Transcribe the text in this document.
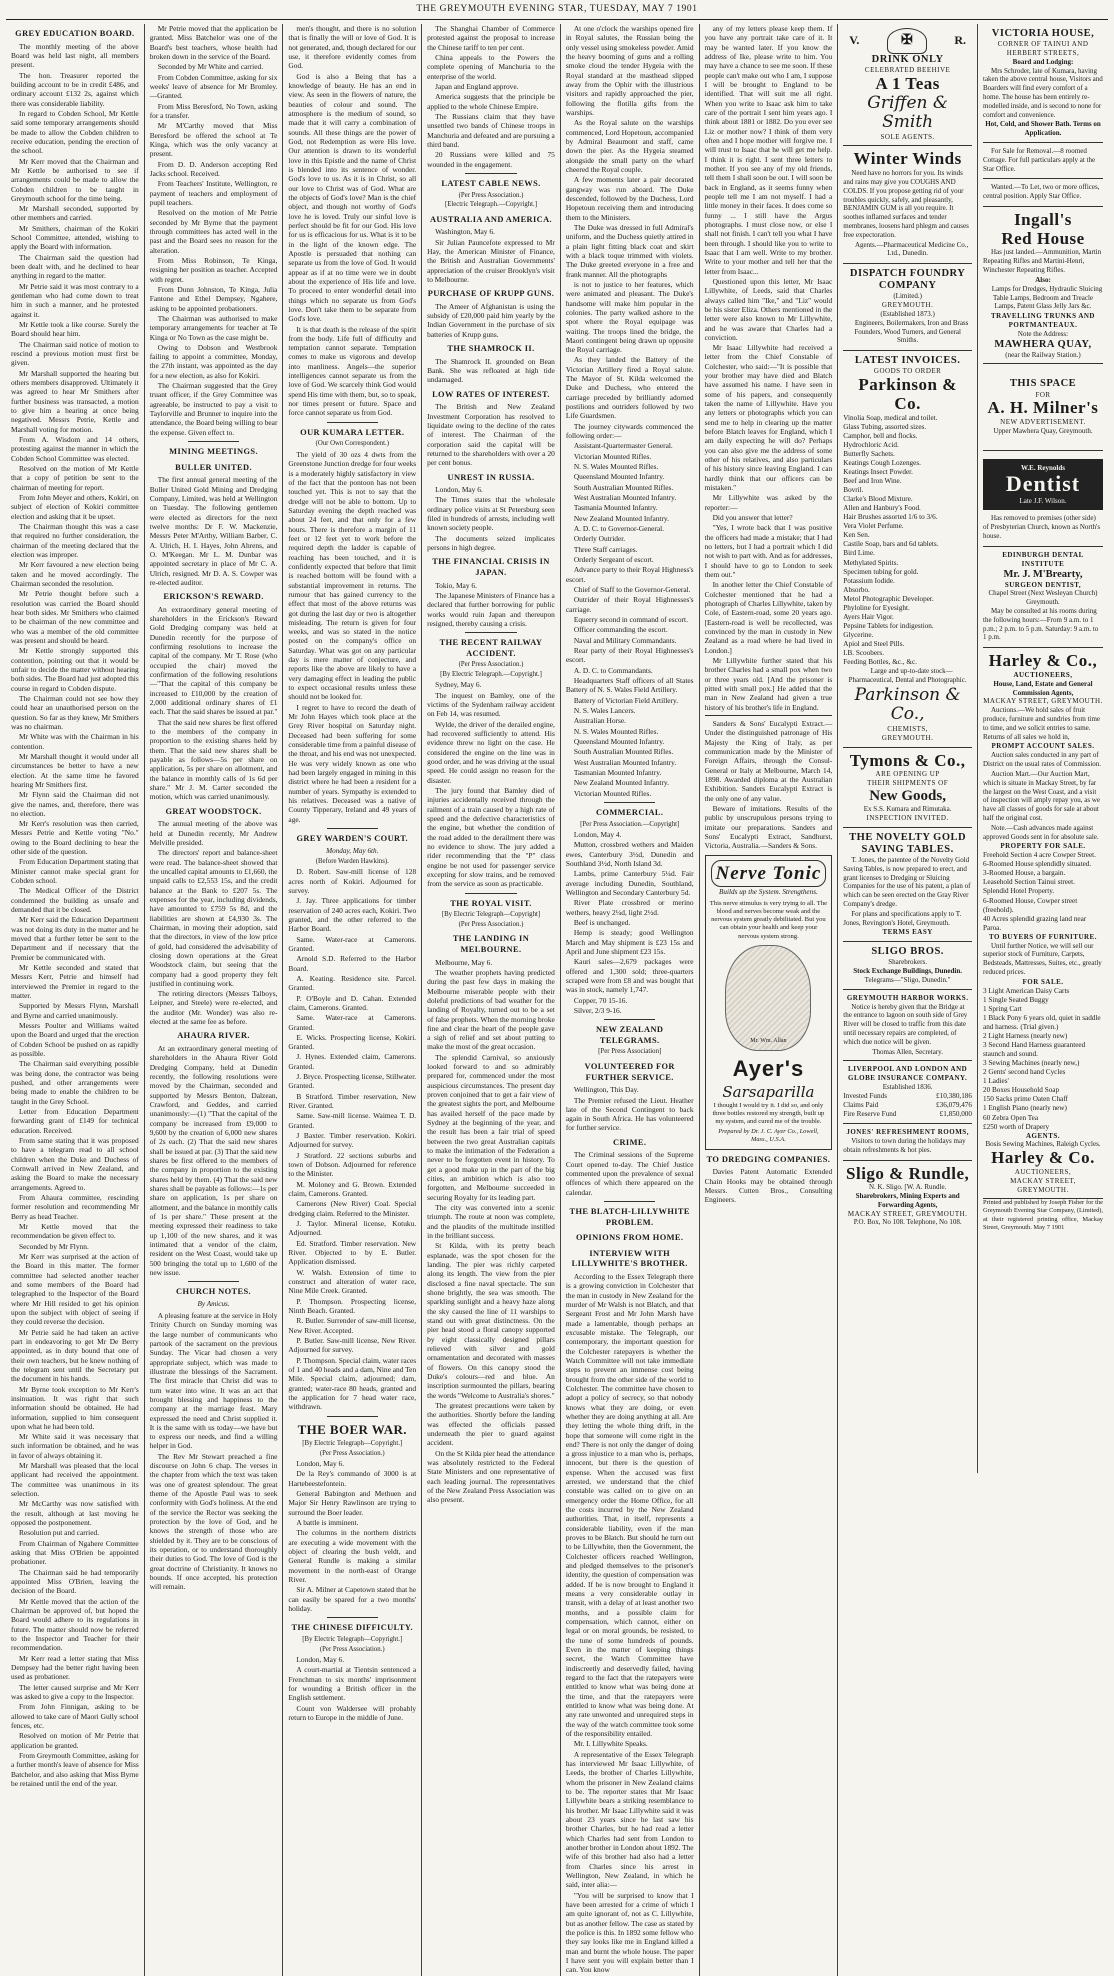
THE GREYMOUTH EVENING STAR, TUESDAY, MAY 7 1901
GREY EDUCATION BOARD.

The monthly meeting of the above Board was held last night, all members present.

The hon. Treasurer reported the building account to be in credit £486, and ordinary account £132 2s, against which there was considerable liability.

In regard to Cobden School, Mr Kettle said some temporary arrangements should be made to allow the Cobden children to receive education, pending the erection of the school.

Mr Kerr moved that the Chairman and Mr Kettle be authorised to see if arrangements could be made to allow the Cobden children to be taught in Greymouth school for the time being.

Mr Marshall seconded, supported by other members and carried.

Mr Smithers, chairman of the Kokiri School Committee, attended, wishing to apply the Board with information.

The Chairman said the question had been dealt with, and he declined to hear anything in regard to the matter.

Mr Petrie said it was most contrary to a gentleman who had come down to treat him in such a manner, and he protested against it.

Mr Kettle took a like course. Surely the Board should hear him.

The Chairman said notice of motion to rescind a previous motion must first be given.

Mr Marshall supported the hearing but others members disapproved. Ultimately it was agreed to hear Mr Smithers after further business was transacted, a motion to give him a hearing at once being negatived. Messrs Petrie, Kettle and Marshall voting for motion.

From A. Wisdom and 14 others, protesting against the manner in which the Cobden School Committee was elected.

Resolved on the motion of Mr Kettle that a copy of petition be sent to the chairman of meeting for report.

From John Meyer and others, Kokiri, on subject of election of Kokiri committee election and asking that it be upset.

The Chairman thought this was a case that required no further consideration, the chairman of the meeting declared that the election was improper.

Mr Kerr favoured a new election being taken and he moved accordingly. The Chairman seconded the resolution.

Mr Petrie thought before such a resolution was carried the Board should hear both sides. Mr Smithers who claimed to be chairman of the new committee and who was a member of the old committee was present and should be heard.

Mr Kettle strongly supported this contention, pointing out that it would be unfair to decide the matter without hearing both sides. The Board had just adopted this course in regard to Cobden dispute.

The Chairman could not see how they could hear an unauthorised person on the question. So far as they knew, Mr Smithers was no chairman.

Mr White was with the Chairman in his contention.

Mr Marshall thought it would under all circumstances be better to have a new election. At the same time he favored hearing Mr Smithers first.

Mr Flynn said the Chairman did not give the names, and, therefore, there was no election.

Mr Kerr's resolution was then carried, Messrs Petrie and Kettle voting "No." owing to the Board declining to hear the other side of the question.

From Education Department stating that Minister cannot make special grant for Cobden school.

The Medical Officer of the District condemned the building as unsafe and demanded that it be closed.

Mr Kerr said the Education Department was not doing its duty in the matter and he moved that a further letter be sent to the Department and if necessary that the Premier be communicated with.

Mr Kettle seconded and stated that Messrs Kerr, Petrie and himself had interviewed the Premier in regard to the matter.

Supported by Messrs Flynn, Marshall and Byrne and carried unanimously.

Messrs Poulter and Williams waited upon the Board and urged that the erection of Cobden School be pushed on as rapidly as possible.

The Chairman said everything possible was being done, the contractor was being pushed, and other arrangements were being made to enable the children to be taught in the Grey School.

Letter from Education Department forwarding grant of £149 for technical education. Received.

From same stating that it was proposed to have a telegram read to all school children when the Duke and Duchess of Cornwall arrived in New Zealand, and asking the Board to make the necessary arrangements. Agreed to.

From Ahaura committee, rescinding former resolution and recommending Mr Berry as head Teacher.

Mr Kettle moved that the recommendation be given effect to.

Seconded by Mr Flynn.

Mr Kerr was surprised at the action of the Board in this matter. The former committee had selected another teacher and some members of the Board had telegraphed to the Inspector of the Board where Mr Hill resided to get his opinion upon the subject with object of seeing if they could reverse the decision.

Mr Petrie said he had taken an active part in endeavoring to get Mr De Berry appointed, as in duty bound that one of their own teachers, but he knew nothing of the telegram sent until the Secretary put the document in his hands.

Mr Byrne took exception to Mr Kerr's insinuation. It was right that such information should be obtained. He had information, supplied to him consequent upon what he had been told.

Mr White said it was necessary that such information be obtained, and he was in favor of always obtaining it.

Mr Marshall was pleased that the local applicant had received the appointment. The committee was unanimous in its selection.

Mr McCarthy was now satisfied with the result, although at last moving he opposed the postponement.

Resolution put and carried.

From Chairman of Ngahere Committee asking that Miss O'Brien be appointed probationer.

The Chairman said he had temporarily appointed Miss O'Brien, leaving the decision of the Board.

Mr Kettle moved that the action of the Chairman be approved of, but hoped the Board would adhere to its regulations in future. The matter should now be referred to the Inspector and Teacher for their recommendation.

Mr Kerr read a letter stating that Miss Dempsey had the better right having been used as probationer.

The letter caused surprise and Mr Kerr was asked to give a copy to the Inspector.

From John Finnigan, asking to be allowed to take care of Maori Gully school fences, etc.

Resolved on motion of Mr Petrie that application be granted.

From Greymouth Committee, asking for a further month's leave of absence for Miss Batchelor, and also asking that Miss Byrne be retained until the end of the year.

Mr Petrie moved that the application be granted. Miss Batchelor was one of the Board's best teachers, whose health had broken down in the service of the Board.

Seconded by Mr White and carried.

From Cobden Committee, asking for six weeks' leave of absence for Mr Bromley.—Granted.

From Miss Beresford, No Town, asking for a transfer.

Mr M'Carthy moved that Miss Beresford be offered the school at Te Kinga, which was the only vacancy at present.

From D. D. Anderson accepting Red Jacks school. Received.

From Teachers' Institute, Wellington, re payment of teachers and employment of pupil teachers.

Resolved on the motion of Mr Petrie seconded by Mr Byrne that the payment through committees has acted well in the past and the Board sees no reason for the alteration.

From Miss Robinson, Te Kinga, resigning her position as teacher. Accepted with regret.

From Dunn Johnston, Te Kinga, Julia Fantone and Ethel Dempsey, Ngahere, asking to be appointed probationers.

The Chairman was authorised to make temporary arrangements for teacher at Te Kinga or No Town as the case might be.

Owing to Dobson and Westbrook failing to appoint a committee, Monday, the 27th instant, was appointed as the day for a new election, as also for Kokiri.

The Chairman suggested that the Grey truant officer, if the Grey Committee was agreeable, be instructed to pay a visit to Taylorville and Brunner to inquire into the attendance, the Board being willing to bear the expense. Given effect to.

MINING MEETINGS.
BULLER UNITED.

The first annual general meeting of the Buller United Gold Mining and Dredging Company, Limited, was held at Wellington on Tuesday. The following gentlemen were elected as directors for the next twelve months: Dr F. W. Mackenzie, Messrs Peter M'Arthy, William Barber, C. A. Ulrich, H. I. Hayes, John Ahrens, and O. M'Keegan. Mr L. M. Dunbar was appointed secretary in place of Mr C. A. Ulrich, resigned. Mr D. A. S. Cowper was re-elected auditor.

ERICKSON'S REWARD.

An extraordinary general meeting of shareholders in the Erickson's Reward Gold Dredging company was held at Dunedin recently for the purpose of confirming resolutions to increase the capital of the company. Mr T. Rose (who occupied the chair) moved the confirmation of the following resolutions—"That the capital of this company be increased to £10,000 by the creation of 2,000 additional ordinary shares of £1 each. That the said shares be issued at par."

That the said new shares be first offered to the members of the company in proportion to the existing shares held by them. That the said new shares shall be payable as follows—5s per share on application, 5s per share on allotment, and the balance in monthly calls of 1s 6d per share." Mr J. M. Carter seconded the motion, which was carried unanimously.

GREAT WOODSTOCK.

The annual meeting of the above was held at Dunedin recently, Mr Andrew Melville presided.

The directors' report and balance-sheet were read. The balance-sheet showed that the uncalled capital amounts to £1,660, the unpaid calls to £2,553 15s, and the credit balance at the Bank to £207 5s. The expenses for the year, including dividends, have amounted to £759 5s 8d, and the liabilities are shown at £4,930 3s. The Chairman, in moving their adoption, said that the directors, in view of the low price of gold, had considered the advisability of closing down operations at the Great Woodstock claim, but seeing that the company had a good property they felt justified in continuing work.

The retiring directors (Messrs Talboys, Leipner, and Steele) were re-elected, and the auditor (Mr. Wonder) was also re-elected at the same fee as before.

AHAURA RIVER.

At an extraordinary general meeting of shareholders in the Ahaura River Gold Dredging Company, held at Dunedin recently, the following resolutions were moved by the Chairman, seconded and supported by Messrs Benton, Dalzean, Crawford, and Geddes, and carried unanimously:—(1) "That the capital of the company be increased from £9,000 to 9,600 by the creation of 6,000 new shares of 2s each. (2) That the said new shares shall be issued at par. (3) That the said new shares be first offered to the members of the company in proportion to the existing shares held by them. (4) That the said new shares shall be payable as follows:—1s per share on application, 1s per share on allotment, and the balance in monthly calls of 1s per share." These present at the meeting expressed their readiness to take up 1,100 of the new shares, and it was intimated that a vendor of the claim, resident on the West Coast, would take up 500 bringing the total up to 1,600 of the new issue.

CHURCH NOTES.
By Amicus.

A pleasing feature at the service in Holy Trinity Church on Sunday morning was the large number of communicants who partook of the sacrament on the previous Sunday. The Vicar had chosen a very appropriate subject, which was made to illustrate the blessings of the Sacrament. The first miracle that Christ did was to turn water into wine. It was an act that brought blessing and happiness to the company at the marriage feast. Mary expressed the need and Christ supplied it. It is the same with us today—we have but to express our needs, and find a willing helper in God.

The Rev Mr Stewart preached a fine discourse on John 6 chap. The verses in the chapter from which the text was taken was one of greatest splendour. The great theme of the Apostle Paul was to seek conformity with God's holiness. At the end of the service the Rector was seeking the protection by the love of God, and he knows the strength of those who are shielded by it. They are to be conscious of its operation, or to understand thoroughly their duties to God. The love of God is the great doctrine of Christianity. It knows no bounds. If once accepted, his protection will remain.

men's thought, and there is no solution that is finally the will or love of God. It is not generated, and, though declared for our use, it therefore evidently comes from God.

God is also a Being that has a knowledge of beauty. He has an end in view. As seen in the flowers of nature, the beauties of colour and sound. The atmosphere is the medium of sound, so made that it will carry a combination of sounds. All these things are the power of God, not Redemption as were His love. Our attention is drawn to its wonderful love in this Epistle and the name of Christ is blended into its sentence of wonder. God's love to us. As it is in Christ, so all our love to Christ was of God. What are the objects of God's love? Man is the chief object, and though not worthy of God's love he is loved. Truly our sinful love is perfect should be fit for our God. His love for us is efficacious for us. What is it to be in the light of the known edge. The Apostle is persuaded that nothing can separate us from the love of God. It would appear as if at no time were we in doubt about the experience of His life and love. To proceed to enter wonderful detail into things which no separate us from God's love. Don't take them to be separate from God's love.

It is that death is the release of the spirit from the body. Life full of difficulty and temptation cannot separate. Temptation comes to make us vigorous and develop into manliness. Angels—the superior intelligences cannot separate us from the love of God. We scarcely think God would spend His time with them, but, so to speak, nor times present or future. Space and force cannot separate us from God.

OUR KUMARA LETTER.
(Our Own Correspondent.)

The yield of 30 ozs 4 dwts from the Greenstone Junction dredge for four weeks is a moderately highly satisfactory in view of the fact that the pontoon has not been touched yet. This is not to say that the dredge will not be able to bottom. Up to Saturday evening the depth reached was about 24 feet, and that only for a few hours. There is therefore a margin of 11 feet or 12 feet yet to work before the required depth the ladder is capable of reaching has been touched, and it is confidently expected that before that limit is reached bottom will be found with a substantial improvement in returns. The rumour that has gained currency to the effect that most of the above returns was got during the last day or two is altogether misleading. The return is given for four weeks, and was so stated in the notice posted on the company's office on Saturday. What was got on any particular day is mere matter of conjecture, and reports like the above are likely to have a very damaging effect in leading the public to expect occasional results unless these should not be looked for.

I regret to have to record the death of Mr John Hayes which took place at the Grey River hospital on Saturday night. Deceased had been suffering for some considerable time from a painful disease of the throat, and his end was not unexpected. He was very widely known as one who had been largely engaged in mining in this district where he had been a resident for a number of years. Sympathy is extended to his relatives. Deceased was a native of County Tipperary, Ireland and 49 years of age.

GREY WARDEN'S COURT.
Monday, May 6th.
(Before Warden Hawkins).

D. Robert. Saw-mill license of 128 acres north of Kokiri. Adjourned for survey.

J. Jay. Three applications for timber reservation of 240 acres each, Kokiri. Two granted, and the other referred to the Harbor Board.

Same. Water-race at Camerons. Granted.

Arnold S.D. Referred to the Harbor Board.

A. Keating. Residence site. Parcel. Granted.

P. O'Boyle and D. Cahan. Extended claim, Camerons. Granted.

Same. Water-race at Camerons. Granted.

E. Wicks. Prospecting license, Kokiri. Granted.

J. Hynes. Extended claim, Camerons. Granted.

J. Bryce. Prospecting license, Stillwater. Granted.

B Stratford. Timber reservation, New River. Granted.

Same. Saw-mill license. Waimea T. D. Granted.

J Baxter. Timber reservation. Kokiri. Adjourned for survey.

J Stratford. 22 sections suburbs and town of Dobson. Adjourned for reference to the Minister.

M. Moloney and G. Brown. Extended claim, Camerons. Granted.

Camerons (New River) Coal. Special dredging claim. Referred to the Minister.

J. Taylor. Mineral license, Kotuku. Adjourned.

Ed. Stratford. Timber reservation. New River. Objected to by E. Butler. Application dismissed.

W. Walsh. Extension of time to construct and alteration of water race, Nine Mile Creek. Granted.

P. Thompson. Prospecting license, Ninth Beach. Granted.

R. Butler. Surrender of saw-mill license, New River. Accepted.

P. Butler. Saw-mill license, New River. Adjourned for survey.

P. Thompson. Special claim, water races of 1 and 40 heads and a dam, Nine and Ten Mile. Special claim, adjourned; dam, granted; water-race 80 heads, granted and the application for 7 head water race, withdrawn.

THE BOER WAR.
[By Electric Telegraph—Copyright.]
(Per Press Association.)

London, May 6.

De la Rey's commando of 3000 is at Hartebeestefontein.

General Babington and Methuen and Major Sir Henry Rawlinson are trying to surround the Boer leader.

A battle is imminent.

The columns in the northern districts are executing a wide movement with the object of clearing the bush veldt, and General Rundle is making a similar movement in the north-east of Orange River.

Sir A. Milner at Capetown stated that he can easily be spared for a two months' holiday.

THE CHINESE DIFFICULTY.
[By Electric Telegraph—Copyright.]
(Per Press Association.)

London, May 6.

A court-martial at Tientsin sentenced a Frenchman to six months' imprisonment for wounding a British officer in the English settlement.

Count von Waldersee will probably return to Europe in the middle of June.

The Shanghai Chamber of Commerce protested against the proposal to increase the Chinese tariff to ten per cent.

China appeals to the Powers the complete opening of Manchuria to the enterprise of the world.

Japan and England approve.

America suggests that the principle be applied to the whole Chinese Empire.

The Russians claim that they have unsettled two bands of Chinese troops in Manchuria and defeated and are pursuing a third band.

20 Russians were killed and 75 wounded in the engagement.

LATEST CABLE NEWS.
(Per Press Association.)
[Electric Telegraph.—Copyright.]
AUSTRALIA AND AMERICA.

Washington, May 6.

Sir Julian Pauncefote expressed to Mr Hay, the American Minister of Finance, the British and Australian Governments' appreciation of the cruiser Brooklyn's visit to Melbourne.

PURCHASE OF KRUPP GUNS.

The Ameer of Afghanistan is using the subsidy of £20,000 paid him yearly by the Indian Government in the purchase of six batteries of Krupp guns.

THE SHAMROCK II.

The Shamrock II. grounded on Bean Bank. She was refloated at high tide undamaged.

LOW RATES OF INTEREST.

The British and New Zealand Investment Corporation has resolved to liquidate owing to the decline of the rates of interest. The Chairman of the corporation said the capital will be returned to the shareholders with over a 20 per cent bonus.

UNREST IN RUSSIA.

London, May 6.

The Times states that the wholesale ordinary police visits at St Petersburg seen filed in hundreds of arrests, including well known society people.

The documents seized implicates persons in high degree.

THE FINANCIAL CRISIS IN JAPAN.

Tokio, May 6.

The Japanese Ministers of Finance has a declared that further borrowing for public works would ruin Japan and thereupon resigned, thereby causing a crisis.

THE RECENT RAILWAY ACCIDENT.
(Per Press Association.)
[By Electric Telegraph.—Copyright.]

Sydney, May 6.

The inquest on Bamley, one of the victims of the Sydenham railway accident on Feb 14, was resumed.

Wylde, the driver of the derailed engine, had recovered sufficiently to attend. His evidence threw no light on the case. He considered the engine on the line was in good order, and he was driving at the usual speed. He could assign no reason for the disaster.

The jury found that Bamley died of injuries accidentally received through the railment of a train caused by a high rate of speed and the defective characteristics of the engine, but whether the condition of the road added to the derailment there was no evidence to show. The jury added a rider recommending that the "P" class engine be not used for passenger service excepting for slow trains, and be removed from the service as soon as practicable.

THE ROYAL VISIT.
[By Electric Telegraph—Copyright]
(Per Press Association.)
THE LANDING IN MELBOURNE.

Melbourne, May 6.

The weather prophets having predicted during the past few days in making the Melbourne miserable people with their doleful predictions of bad weather for the landing of Royalty, turned out to be a set of false prophets. When the morning broke fine and clear the heart of the people gave a sigh of relief and set about putting to make the most of the great occasion.

The splendid Carnival, so anxiously looked forward to and so admirably prepared for, commenced under the most auspicious circumstances. The present day proven conjoined that to get a fair view of the greatest sights the port, and Melbourne has availed herself of the pace made by Sydney at the beginning of the year, and the result has been a fair trial of speed between the two great Australian capitals to make the intimation of the Federation a never to be forgotten event in history. To get a good make up in the part of the big cities, an ambition which is also too forgotten, and Melbourne succeeded in securing Royalty for its leading part.

The city was converted into a scenic triumph. The route at noon was complete, and the plaudits of the multitude instilled in the brilliant success.

St Kilda, with its pretty beach esplanade, was the spot chosen for the landing. The pier was richly carpeted along its length. The view from the pier disclosed a fine naval spectacle. The sun shone brightly, the sea was smooth. The sparkling sunlight and a heavy haze along the sky caused the line of 11 warships to stand out with great distinctness. On the pier head stood a floral canopy supported by eight classically designed pillars relieved with silver and gold ornamentation and decorated with masses of flowers. On this canopy stood the Duke's colours—red and blue. An inscription surmounted the pillars, bearing the words "Welcome to Australia's shores."

The greatest precautions were taken by the authorities. Shortly before the landing was effected the officials passed underneath the pier to guard against accident.

On the St Kilda pier head the attendance was absolutely restricted to the Federal State Ministers and one representative of each leading journal. The representatives of the New Zealand Press Association was also present.

At one o'clock the warships opened fire in Royal salutes, the Russian being the only vessel using smokeless powder. Amid the heavy booming of guns and a rolling smoke cloud the tender Hygeia with the Royal standard at the masthead slipped away from the Ophir with the illustrious visitors and rapidly approached the pier, following the flotilla gifts from the warships.

As the Royal salute on the warships commenced, Lord Hopetoun, accompanied by Admiral Beaumont and staff, came down the pier. As the Hygeia steamed alongside the small party on the wharf cheered the Royal couple.

A few moments later a pair decorated gangway was run aboard. The Duke descended, followed by the Duchess, Lord Hopetoun receiving them and introducing them to the Ministers.

The Duke was dressed in full Admiral's uniform, and the Duchess quietly attired in a plain light fitting black coat and skirt with a black toque trimmed with violets. The Duke greeted everyone in a free and frank manner. All the photographs

is not to justice to her features, which were animated and pleasant. The Duke's handsome will make him popular in the colonies. The party walked ashore to the spot where the Royal equipage was waiting. The troops lined the bridge, the Maori contingent being drawn up opposite the Royal carriage.

As they landed the Battery of the Victorian Artillery fired a Royal salute. The Mayor of St. Kilda welcomed the Duke and Duchess, who entered the carriage preceded by brilliantly adorned postilions and outriders followed by two Life Guardsmen.

The journey citywards commenced the following order:—

Assistant-Quartermaster General.

Victorian Mounted Rifles.

N. S. Wales Mounted Rifles.

Queensland Mounted Infantry.

South Australian Mounted Rifles.

West Australian Mounted Infantry.

Tasmania Mounted Infantry.

New Zealand Mounted Infantry.

A. D. C. to Governor-General.

Orderly Outrider.

Three Staff carriages.

Orderly Sergeant of escort.

Advance party to their Royal Highness's escort.

Chief of Staff to the Governor-General.

Outrider of their Royal Highnesses's carriage.

Equerry second in command of escort.

Officer commanding the escort.

Naval and Military Commandants.

Rear party of their Royal Highnesses's escort.

A. D. C. to Commandants.

Headquarters Staff officers of all States Battery of N. S. Wales Field Artillery.

Battery of Victorian Field Artillery.

N. S. Wales Lancers.

Australian Horse.

N. S. Wales Mounted Rifles.

Queensland Mounted Infantry.

South Australian Mounted Rifles.

West Australian Mounted Infantry.

Tasmanian Mounted Infantry.

New Zealand Mounted Infantry.

Victorian Mounted Rifles.

COMMERCIAL.
[Per Press Association.—Copyright]

London, May 4.

Mutton, crossbred wethers and Maiden ewes, Canterbury 3½d, Dunedin and Southland 3½d, North Island 3d.

Lambs, prime Canterbury 5¼d. Fair average including Dunedin, Southland, Wellington and Secondary Canterbury 5d.

River Plate crossbred or merino wethers, heavy 2¼d, light 2½d.

Beef is unchanged.

Hemp is steady; good Wellington March and May shipment is £23 15s and April and June shipment £23 15s.

Kauri sales—2,679 packages were offered and 1,300 sold; three-quarters scraped were from £8 and was bought that was in stock, namely 1,747.

Copper, 70 15-16.

Silver, 2/3 9-16.

NEW ZEALAND TELEGRAMS.
[Per Press Association]
VOLUNTEERED FOR FURTHER SERVICE.

Wellington, This Day.

The Premier refused the Lieut. Heather late of the Second Contingent to back again in South Africa. He has volunteered for further service.

CRIME.

The Criminal sessions of the Supreme Court opened to-day. The Chief Justice commented upon the prevalence of sexual offences of which there appeared on the calendar.

THE BLATCH-LILLYWHITE PROBLEM.
OPINIONS FROM HOME.
INTERVIEW WITH LILLYWHITE'S BROTHER.

According to the Essex Telegraph there is a growing conviction in Colchester that the man in custody in New Zealand for the murder of Mr Walsh is not Blatch, and that Sergeant Frost and Mr John Marsh have made a lamentable, though perhaps an excusable mistake. The Telegraph, our contemporary, the important question for the Colchester ratepayers is whether the Watch Committee will not take immediate steps to prevent an immense cost being brought from the other side of the world to Colchester. The committee have chosen to adopt a policy of secrecy, so that nobody knows what they are doing, or even whether they are doing anything at all. Are they letting the whole thing drift, in the hope that someone will come right in the end? There is not only the danger of doing a gross injustice to a man who is, perhaps, innocent, but there is the question of expense. When the accused was first arrested, we understand that the chief constable was called on to give on an emergency order the Home Office, for all the costs incurred by the New Zealand authorities. That, in itself, represents a considerable liability, even if the man proves to be Blatch. But should he turn out to be Lillywhite, then the Government, the Colchester officers reached Wellington, and pledged themselves to the prisoner's identity, the question of compensation was added. If he is now brought to England it means a very considerable outlay in transit, with a delay of at least another two months, and a possible claim for compensation, which cannot, either on legal or on moral grounds, be resisted, to the tune of some hundreds of pounds. Even in the matter of keeping things secret, the Watch Committee have indiscreetly and deservedly failed, having regard to the fact that the ratepayers were entitled to know what was being done at the time, and that the ratepayers were entitled to know what was being done. At any rate unwonted and unrequired steps in the way of the watch committee took some of the responsibility entailed.

Mr. I. Lillywhite Speaks.

A representative of the Essex Telegraph has interviewed Mr Isaac Lillywhite, of Leeds, the brother of Charles Lillywhite, whom the prisoner in New Zealand claims to be. The reporter states that Mr Isaac Lillywhite bears a striking resemblance to his brother. Mr Isaac Lillywhite said it was about 23 years since he last saw his brother Charles, but he had read a letter which Charles had sent from London to another brother in London about 1892. The wife of this brother had also had a letter from Charles since his arrest in Wellington, New Zealand, in which he said, inter alia:—

"You will be surprised to know that I have been arrested for a crime of which I am quite ignorant of, not as C. Lillywhite, but as another fellow. The case as stated by the police is this. In 1892 some fellow who they say looks like me in England killed a man and burnt the whole house. The paper I have sent you will explain better than I can. You know

any of my letters please keep them. If you have any portrait take care of it. It may be wanted later. If you know the address of Ike, please write to him. You may have a chance to see me soon. If these people can't make out who I am, I suppose I will be brought to England to be identified. That will suit me all right. When you write to Isaac ask him to take care of the portrait I sent him years ago. I think about 1881 or 1882. Do you ever see Liz or mother now? I think of them very often and I hope mother will forgive me. I will trust to Isaac that he will get me help. I think it is right. I sent three letters to mother. If you see any of my old friends, tell them I shall soon be out. I will soon be back in England, as it seems funny when people tell me I am not myself. I had a little money in their faces. It does come so funny ... I still have the Argus photographs. I must close now, or else I shall not finish. I can't tell you what I have been through. I should like you to write to Isaac that I am well. Write to my brother. Write to your mother and tell her that the letter from Isaac...

Questioned upon this letter, Mr Isaac Lillywhite, of Leeds, said that Charles always called him "Ike," and "Liz" would be his sister Eliza. Others mentioned in the letter were also known to Mr Lillywhite, and he was aware that Charles had a conviction.

Mr Isaac Lillywhite had received a letter from the Chief Constable of Colchester, who said:—"It is possible that your brother may have died and Blatch have assumed his name. I have seen in some of his papers, and consequently taken the name of Lillywhite. Have you any letters or photographs which you can send me to help in clearing up the matter before Blatch leaves for England, which I am daily expecting he will do? Perhaps you can also give me the address of some other of his relatives, and also particulars of his history since leaving England. I can hardly think that our officers can be mistaken."

Mr Lillywhite was asked by the reporter:—

Did you answer that letter?

"Yes, I wrote back that I was positive the officers had made a mistake; that I had no letters, but I had a portrait which I did not wish to part with. And as for addresses, I should have to go to London to seek them out."

In another letter the Chief Constable of Colchester mentioned that he had a photograph of Charles Lillywhite, taken by Cole, of Eastern-road, some 20 years ago. [Eastern-road is well be recollected, was convinced by the man in custody in New Zealand as a road where he had lived in London.]

Mr Lillywhite further stated that his brother Charles had a small pox when two or three years old. [And the prisoner is pitted with small pox.] He added that the man in New Zealand had given a true history of his brother's life in England.

Sanders & Sons' Eucalypti Extract.—Under the distinguished patronage of His Majesty the King of Italy, as per communication made by the Minister of Foreign Affairs, through the Consul-General or Italy at Melbourne, March 14, 1898. Awarded diploma at the Australian Exhibition. Sanders Eucalypti Extract is the only one of any value.

Beware of imitations. Results of the public by unscrupulous persons trying to imitate our preparations. Sanders and Sons' Eucalypti Extract, Sandhurst, Victoria, Australia.—Sanders & Sons.

Nerve Tonic
Builds up the System. Strengthens.

This nerve stimulus is very trying to all. The blood and nerves become weak and the nervous system greatly debilitated. But you can obtain your health and keep your nervous system strong.

Mr. Wm. Allan
Ayer's
Sarsaparilla

I thought I would try it. I did so, and only three bottles restored my strength, built up my system, and cured me of the trouble.

Prepared by Dr. J. C. Ayer Co., Lowell, Mass., U.S.A.

TO DREDGING COMPANIES.

Davies Patent Automatic Extended Chain Hooks may be obtained through Messrs. Cutten Bros., Consulting Engineers.

V.	✠	R.
DRINK ONLY
CELEBRATED BEEHIVE
A 1 Teas
Griffen & Smith
SOLE AGENTS.
Winter Winds

Need have no horrors for you. Its winds and rains may give you COUGHS AND COLDS. If you propose getting rid of your troubles quickly, safely, and pleasantly, BENJAMIN GUM is all you require. It soothes inflamed surfaces and tender membranes, loosens hard phlegm and causes free expectoration.

Agents.—Pharmaceutical Medicine Co., Ltd., Dunedin.

DISPATCH FOUNDRY COMPANY
(Limited.)
GREYMOUTH.
(Established 1873.)

Engineers, Boilermakers, Iron and Brass Founders, Wood Turners, and General Smiths.

LATEST INVOICES.
GOODS TO ORDER
Parkinson & Co.
Vinolia Soap, medical and toilet.
Glass Tubing, assorted sizes.
Camphor, bell and flocks.
Hydrochloric Acid.
Butterfly Sachets.
Keatings Cough Lozenges.
Keatings Insect Powder.
Beef and Iron Wine.
Bovril.
Clarke's Blood Mixture.
Allen and Hanbury's Food.
Hair Brushes assorted 1/6 to 3/6.
Vera Violet Perfume.
Ken Sen.
Castile Soap, bars and 6d tablets.
Bird Lime.
Methylated Spirits.
Specimen tubing for gold.
Potassium Iodide.
Absorbo.
Metol Photographic Developer.
Phyloline for Eyesight.
Ayers Hair Vigor.
Pepsine Tablets for indigestion.
Glycerine.
Apiol and Steel Pills.
I.B. Scoobers.
Feeding Bottles, &c., &c.

Large and up-to-date stock—Pharmaceutical, Dental and Photographic.

Parkinson & Co.,
CHEMISTS,
GREYMOUTH.
Tymons & Co.,
ARE OPENING UP
THEIR SHIPMENTS OF
New Goods,
Ex S.S. Kumara and Rimutaka.
INSPECTION INVITED.
THE NOVELTY GOLD SAVING TABLES.

T. Jones, the patentee of the Novelty Gold Saving Tables, is now prepared to erect, and grant licenses to Dredging or Sluicing Companies for the use of his patent, a plan of which can be seen erected on the Gray River Company's dredge.

For plans and specifications apply to T. Jones, Revington's Hotel, Greymouth.

TERMS EASY
SLIGO BROS.
Sharebrokers.
Stock Exchange Buildings, Dunedin.
Telegrams—"Sligo, Dunedin."
GREYMOUTH HARBOR WORKS.

Notice is hereby given that the Bridge at the entrance to lagoon on south side of Grey River will be closed to traffic from this date until necessary repairs are completed, of which due notice will be given.

Thomas Allen, Secretary.
LIVERPOOL AND LONDON AND GLOBE INSURANCE COMPANY.
Established 1836.
Invested Funds	£10,380,186
Claims Paid	£36,079,476
Fire Reserve Fund	£1,850,000
JONES' REFRESHMENT ROOMS,

Visitors to town during the holidays may obtain refreshments & hot pies.

Sligo & Rundle,
N. K. Sligo. [W. A. Rundle.
Sharebrokers, Mining Experts and Forwarding Agents,
MACKAY STREET, GREYMOUTH.
P.O. Box, No 108. Telephone, No 108.
VICTORIA HOUSE,
CORNER OF TAINUI AND HERBERT STREETS,
Board and Lodging:

Mrs Schroder, late of Kumara, having taken the above central house, Visitors and Boarders will find every comfort of a home. The house has been entirely re-modelled inside, and is second to none for comfort and convenience.

Hot, Cold, and Shower Bath. Terms on Application.

For Sale for Removal.—8 roomed Cottage. For full particulars apply at the Star Office.

Wanted.—To Let, two or more offices, central position. Apply Star Office.

Ingall's
Red House

Has just landed.—Ammunition, Martin Repeating Rifles and Martini-Henri, Winchester Repeating Rifles.

Also:

Lamps for Dredges, Hydraulic Sluicing Table Lamps, Bedroom and Treacle Lamps, Patent Glass Jelly Jars &c.

TRAVELLING TRUNKS AND PORTMANTEAUX.
Note the Address:
MAWHERA QUAY,
(near the Railway Station.)
THIS SPACE
FOR
A. H. Milner's
NEW ADVERTISEMENT.
Upper Mawhera Quay, Greymouth.
W.E. Reynolds
Dentist
Late J.F. Wilson.

Has removed to premises (other side) of Presbyterian Church, known as North's house.

EDINBURGH DENTAL INSTITUTE
Mr. J. M'Brearty,
SURGEON DENTIST,
Chapel Street (Next Wesleyan Church) Greymouth.

May be consulted at his rooms during the following hours:—From 9 a.m. to 1 p.m.; 2 p.m. to 5 p.m. Saturday: 9 a.m. to 1 p.m.

Harley & Co.,
AUCTIONEERS,
House, Land, Estate and General Commission Agents,
MACKAY STREET, GREYMOUTH.

Auctions.—We hold sales of fruit produce, furniture and sundries from time to time, and we solicit entries to same. Returns of all sales we hold in,

PROMPT ACCOUNT SALES.

Auction sales conducted in any part of District on the usual rates of Commission.

Auction Mart.—Our Auction Mart, which is situate in Mackay Street, by far the largest on the West Coast, and a visit of inspection will amply repay you, as we have all classes of goods for sale at about half the original cost.

Note.—Cash advances made against approved Goods sent in for absolute sale.

PROPERTY FOR SALE.
Freehold Section 4 acre Cowper Street.
6-Roomed House splendidly situated.
3-Roomed House, a bargain.
Leasehold Section Tainui street.
Splendid Hotel Property.
6-Roomed House, Cowper street (freehold).
40 Acres splendid grazing land near Paroa.
TO BUYERS OF FURNITURE.

Until further Notice, we will sell our superior stock of Furniture, Carpets, Bedsteads, Mattresses, Suites, etc., greatly reduced prices.

FOR SALE.
3 Light American Daisy Carts
1 Single Seated Buggy
1 Spring Cart
1 Black Pony 6 years old, quiet in saddle and harness. (Trial given.)
2 Light Harness (nearly new)
3 Second Hand Harness guaranteed staunch and sound.
3 Sewing Machines (nearly new,)
2 Gents' second hand Cycles
1 Ladies'
20 Boxes Household Soap
150 Sacks prime Oaten Chaff
1 English Piano (nearly new)
60 Zebra Open Tea
£250 worth of Drapery
AGENTS.
Bosis Sewing Machines, Raleigh Cycles.
Harley & Co.
AUCTIONEERS,
MACKAY STREET,
GREYMOUTH.

Printed and published by Joseph Fisher for the Greymouth Evening Star Company, (Limited), at their registered printing office, Mackay Street, Greymouth. May 7 1901
